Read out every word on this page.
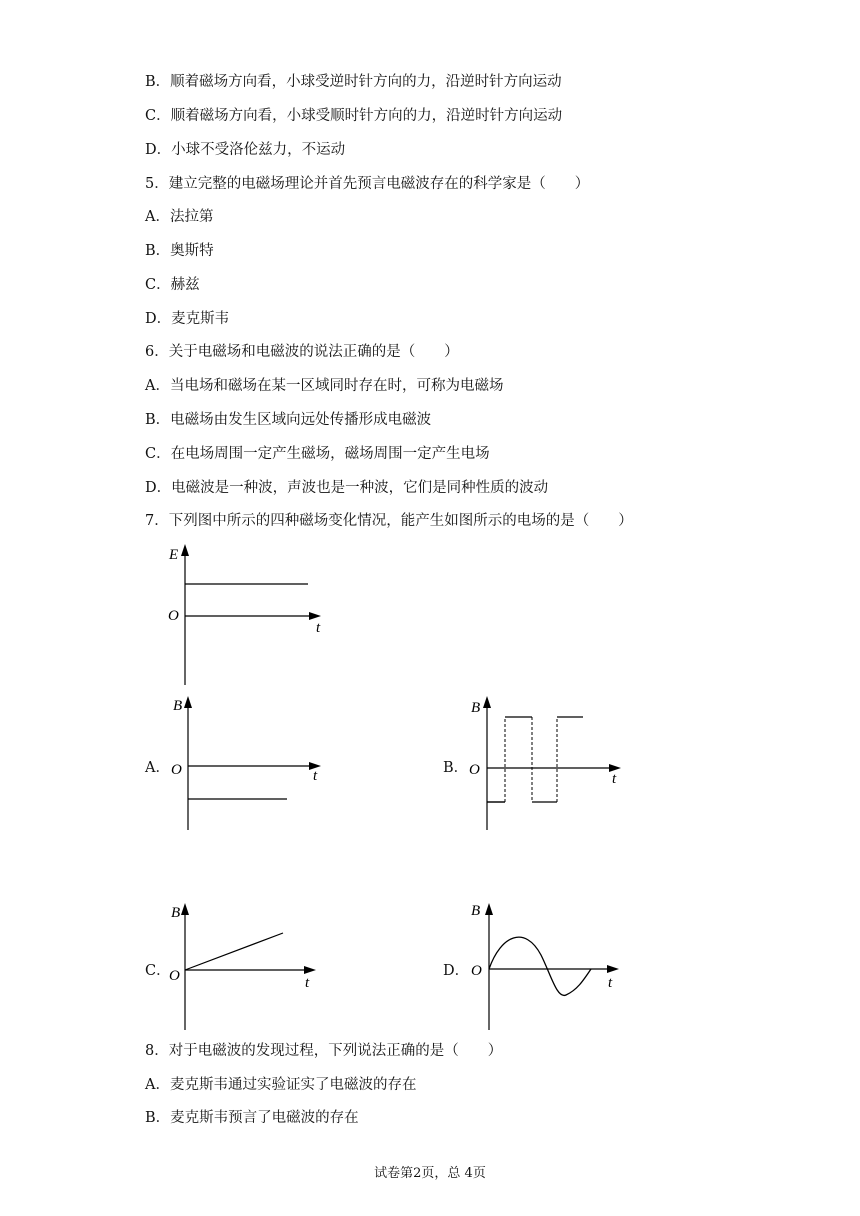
B．顺着磁场方向看，小球受逆时针方向的力，沿逆时针方向运动
C．顺着磁场方向看，小球受顺时针方向的力，沿逆时针方向运动
D．小球不受洛伦兹力，不运动
5．建立完整的电磁场理论并首先预言电磁波存在的科学家是（　　）
A．法拉第
B．奥斯特
C．赫兹
D．麦克斯韦
6．关于电磁场和电磁波的说法正确的是（　　）
A．当电场和磁场在某一区域同时存在时，可称为电磁场
B．电磁场由发生区域向远处传播形成电磁波
C．在电场周围一定产生磁场，磁场周围一定产生电场
D．电磁波是一种波，声波也是一种波，它们是同种性质的波动
7．下列图中所示的四种磁场变化情况，能产生如图所示的电场的是（　　）
E
O
t
A．
B
O	t	B．
B
O
t
C．
B
O	t
D．
B
O
t
8．对于电磁波的发现过程，下列说法正确的是（　　）
A．麦克斯韦通过实验证实了电磁波的存在
B．麦克斯韦预言了电磁波的存在
试卷第2页，总 4页
